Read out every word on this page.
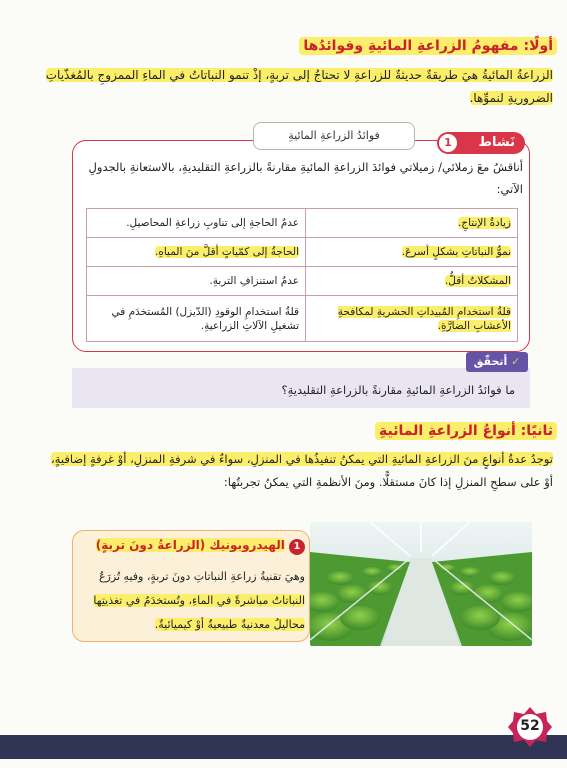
أولًا: مفهومُ الزراعةِ المائيةِ وفوائدُها
الزراعةُ المائيةُ هيَ طريقةٌ حديثةٌ للزراعةِ لا تحتاجُ إلى تربةٍ، إذْ تنمو النباتاتُ في الماءِ الممزوجِ بالمُغذّياتِ
الضروريةِ لنموِّها.
فوائدُ الزراعةِ المائيةِ
1	نَشاط
أناقشُ معَ زملائي/ زميلاتي فوائدَ الزراعةِ المائيةِ مقارنةً بالزراعةِ التقليديةِ، بالاستعانةِ بالجدولِ
الآتي:
زيادةُ الإنتاجِ.	عدمُ الحاجةِ إلى تناوبِ زراعةِ المحاصيلِ.
نموُّ النباتاتِ بشكلٍ أسرعَ.	الحاجةُ إلى كمّياتٍ أقلَّ منَ المياهِ.
المشكلاتُ أقلُّ.	عدمُ استنزافِ التربةِ.
قلةُ استخدامِ المُبيداتِ الحشريةِ لمكافحةِ الأعشابِ الضارَّةِ.	قلةُ استخدامِ الوقودِ (الدّيزل) المُستخدَمِ في تشغيلِ الآلاتِ الزراعيةِ.
✓ أتحقّق
ما فوائدُ الزراعةِ المائيةِ مقارنةً بالزراعةِ التقليديةِ؟
ثانيًا: أنواعُ الزراعةِ المائيةِ
توجدُ عدةُ أنواعٍ منَ الزراعةِ المائيةِ التي يمكنُ تنفيذُها في المنزلِ، سواءٌ في شرفةِ المنزلِ، أوْ غرفةٍ إضافيةٍ،
أوْ على سطحِ المنزلِ إذا كانَ مستقلًّا. ومنَ الأنظمةِ التي يمكنُ تجربتُها:
1 الهيدروبونيك (الزراعةُ دونَ تربةٍ)
وهيَ تقنيةُ زراعةِ النباتاتِ دونَ تربةٍ، وفيهِ تُزرَعُ
النباتاتُ مباشرةً في الماءِ، وتُستخدَمُ في تغذيتِها
محاليلُ معدنيةٌ طبيعيةٌ أوْ كيميائيةٌ.
52
